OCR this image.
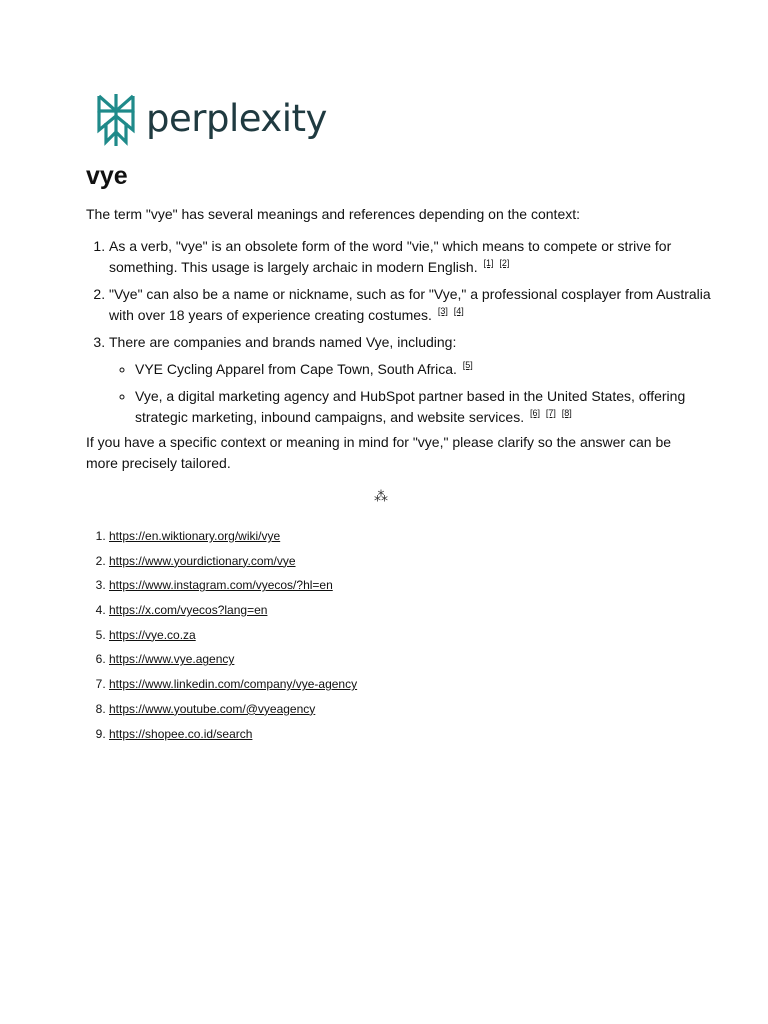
perplexity
vye

The term "vye" has several meanings and references depending on the context:

1. As a verb, "vye" is an obsolete form of the word "vie," which means to compete or strive for something. This usage is largely archaic in modern English. [1] [2]
2. "Vye" can also be a name or nickname, such as for "Vye," a professional cosplayer from Australia with over 18 years of experience creating costumes. [3] [4]
3. There are companies and brands named Vye, including:
◦ VYE Cycling Apparel from Cape Town, South Africa. [5]
◦ Vye, a digital marketing agency and HubSpot partner based in the United States, offering strategic marketing, inbound campaigns, and website services. [6] [7] [8]

If you have a specific context or meaning in mind for "vye," please clarify so the answer can be more precisely tailored.

⁂
1. https://en.wiktionary.org/wiki/vye
2. https://www.yourdictionary.com/vye
3. https://www.instagram.com/vyecos/?hl=en
4. https://x.com/vyecos?lang=en
5. https://vye.co.za
6. https://www.vye.agency
7. https://www.linkedin.com/company/vye-agency
8. https://www.youtube.com/@vyeagency
9. https://shopee.co.id/search
